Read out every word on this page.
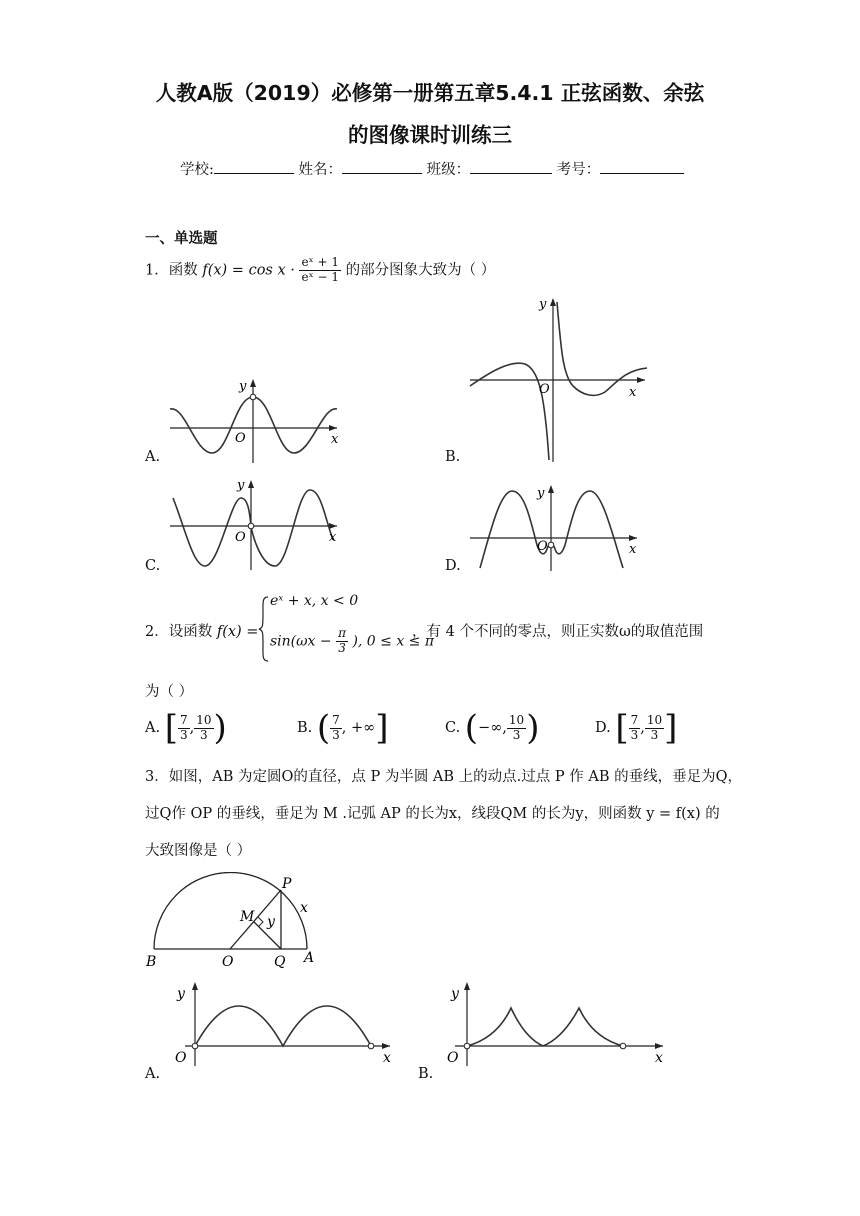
人教A版（2019）必修第一册第五章5.4.1 正弦函数、余弦
的图像课时训练三
学校:	姓名：	班级：	考号：
一、单选题
1．函数 $f(x) = \cos x \cdot \frac{\text{eˣ + 1}}{\text{eˣ − 1}}$ 的部分图象大致为（ ）
y
x
O
A.
y
x
O
B.
y
x
O
C.
y
x
O
D.
2．设函数 f(x) =
eˣ + x, x < 0
$\sin(\omega x - \frac{\pi}{3}$ ), 0 ≤ x ≤ π
，有 4 个不同的零点，则正实数ω的取值范围
为（ ）
A. [ $\frac{7}{3}$ , $\frac{10}{3}$ )	B. ( $\frac{7}{3}$ , +∞]	C. (−∞, $\frac{10}{3}$ )	D. [ $\frac{7}{3}$ , $\frac{10}{3}$ ]
3．如图，AB 为定圆O的直径，点 P 为半圆 AB 上的动点.过点 P 作 AB 的垂线，垂足为Q，
过Q作 OP 的垂线，垂足为 M .记弧 AP 的长为x，线段QM 的长为y，则函数 y = f(x) 的
大致图像是（ ）
P
M
x
y
B	O	Q A
y
x
O
A.
y
x
O
B.
